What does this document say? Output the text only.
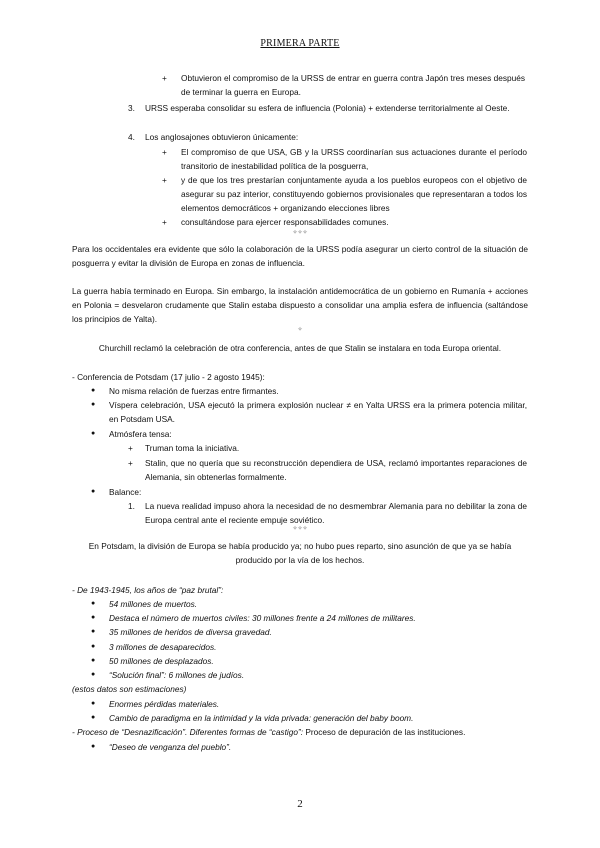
PRIMERA PARTE
+ Obtuvieron el compromiso de la URSS de entrar en guerra contra Japón tres meses después de terminar la guerra en Europa.
3. URSS esperaba consolidar su esfera de influencia (Polonia) + extenderse territorialmente al Oeste.
4. Los anglosajones obtuvieron únicamente:
+ El compromiso de que USA, GB y la URSS coordinarían sus actuaciones durante el período transitorio de inestabilidad política de la posguerra,
+ y de que los tres prestarían conjuntamente ayuda a los pueblos europeos con el objetivo de asegurar su paz interior, constituyendo gobiernos provisionales que representaran a todos los elementos democráticos + organizando elecciones libres
+ consultándose para ejercer responsabilidades comunes.
✧✧✧
Para los occidentales era evidente que sólo la colaboración de la URSS podía asegurar un cierto control de la situación de posguerra y evitar la división de Europa en zonas de influencia.
La guerra había terminado en Europa. Sin embargo, la instalación antidemocrática de un gobierno en Rumanía + acciones en Polonia = desvelaron crudamente que Stalin estaba dispuesto a consolidar una amplia esfera de influencia (saltándose los principios de Yalta).
✧
Churchill reclamó la celebración de otra conferencia, antes de que Stalin se instalara en toda Europa oriental.
- Conferencia de Potsdam (17 julio - 2 agosto 1945):
● No misma relación de fuerzas entre firmantes.
● Víspera celebración, USA ejecutó la primera explosión nuclear ≠ en Yalta URSS era la primera potencia militar, en Potsdam USA.
● Atmósfera tensa:
+ Truman toma la iniciativa.
+ Stalin, que no quería que su reconstrucción dependiera de USA, reclamó importantes reparaciones de Alemania, sin obtenerlas formalmente.
● Balance:
1. La nueva realidad impuso ahora la necesidad de no desmembrar Alemania para no debilitar la zona de Europa central ante el reciente empuje soviético.
✧✧✧
En Potsdam, la división de Europa se había producido ya; no hubo pues reparto, sino asunción de que ya se había producido por la vía de los hechos.
- De 1943-1945, los años de “paz brutal”:
● 54 millones de muertos.
● Destaca el número de muertos civiles: 30 millones frente a 24 millones de militares.
● 35 millones de heridos de diversa gravedad.
● 3 millones de desaparecidos.
● 50 millones de desplazados.
● “Solución final”: 6 millones de judíos.
(estos datos son estimaciones)
● Enormes pérdidas materiales.
● Cambio de paradigma en la intimidad y la vida privada: generación del baby boom.
- Proceso de “Desnazificación”. Diferentes formas de “castigo”: Proceso de depuración de las instituciones.
● “Deseo de venganza del pueblo”.
2
